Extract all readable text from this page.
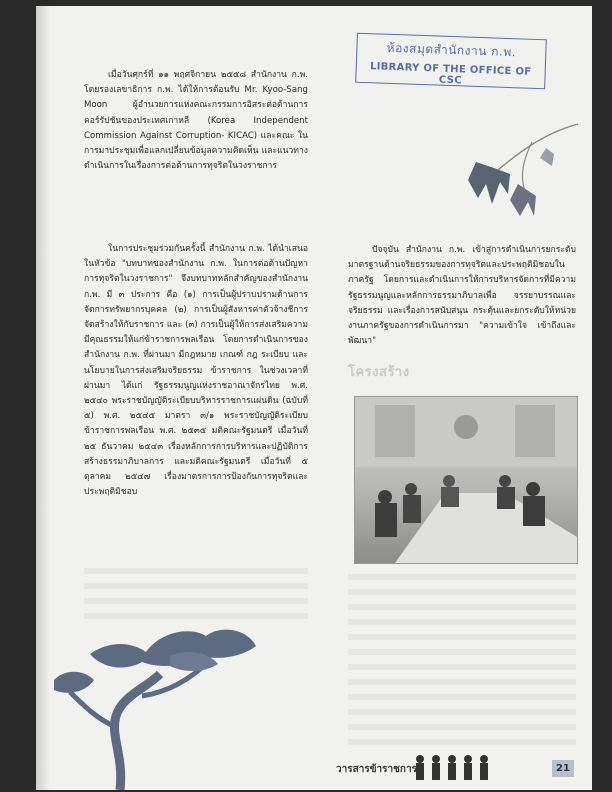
ห้องสมุดสำนักงาน ก.พ.
LIBRARY OF THE OFFICE OF CSC

เมื่อวันศุกร์ที่ ๑๑ พฤศจิกายน ๒๕๕๘ สำนักงาน ก.พ. โดยรองเลขาธิการ ก.พ. ได้ให้การต้อนรับ Mr. Kyoo-Sang Moon ผู้อำนวยการแห่งคณะกรรมการอิสระต่อต้านการคอร์รัปชันของประเทศเกาหลี (Korea Independent Commission Against Corruption- KICAC) และคณะ ในการมาประชุมเพื่อแลกเปลี่ยนข้อมูลความคิดเห็น และแนวทางดำเนินการในเรื่องการต่อต้านการทุจริตในวงราชการ

ในการประชุมร่วมกันครั้งนี้ สำนักงาน ก.พ. ได้นำเสนอในหัวข้อ "บทบาทของสำนักงาน ก.พ. ในการต่อต้านปัญหาการทุจริตในวงราชการ" จึงบทบาทหลักสำคัญของสำนักงาน ก.พ. มี ๓ ประการ คือ (๑) การเป็นผู้ปราบปรามด้านการจัดการทรัพยากรบุคคล (๒) การเป็นผู้สังหารค่าตัวจ้างชีการจัดสร้างให้กับราชการ และ (๓) การเป็นผู้ให้การส่งเสริมความมีคุณธรรมให้แก่ข้าราชการพลเรือน โดยการดำเนินการของสำนักงาน ก.พ. ที่ผ่านมา มีกฎหมาย เกณฑ์ กฎ ระเบียบ และนโยบายในการส่งเสริมจริยธรรม ข้าราชการ ในช่วงเวลาที่ผ่านมา ได้แก่ รัฐธรรมนูญแห่งราชอาณาจักรไทย พ.ศ. ๒๕๔๐ พระราชบัญญัติระเบียบบริหารราชการแผ่นดิน (ฉบับที่ ๕) พ.ศ. ๒๕๔๕ มาตรา ๓/๑ พระราชบัญญัติระเบียบข้าราชการพลเรือน พ.ศ. ๒๕๓๕ มติคณะรัฐมนตรี เมื่อวันที่ ๒๕ ธันวาคม ๒๕๔๓ เรื่องหลักการการบริหารและปฏิบัติการสร้างธรรมาภิบาลการ และมติคณะรัฐมนตรี เมื่อวันที่ ๕ ตุลาคม ๒๕๔๗ เรื่องมาตรการการป้องกันการทุจริตและประพฤติมิชอบ

ปัจจุบัน สำนักงาน ก.พ. เข้าสู่การดำเนินการยกระดับมาตรฐานด้านจริยธรรมของการทุจริตและประพฤติมิชอบในภาครัฐ โดยการและดำเนินการให้การบริหารจัดการที่มีความรัฐธรรมนูญและหลักการธรรมาภิบาลเพื่อ จรรยาบรรณและจริยธรรม และเรื่องการสนับสนุน กระตุ้นและยกระดับให้หน่วยงานภาครัฐของการดำเนินการมา "ความเข้าใจ เข้าถึงและพัฒนา"

โครงสร้าง
วารสารข้าราชการ	21
